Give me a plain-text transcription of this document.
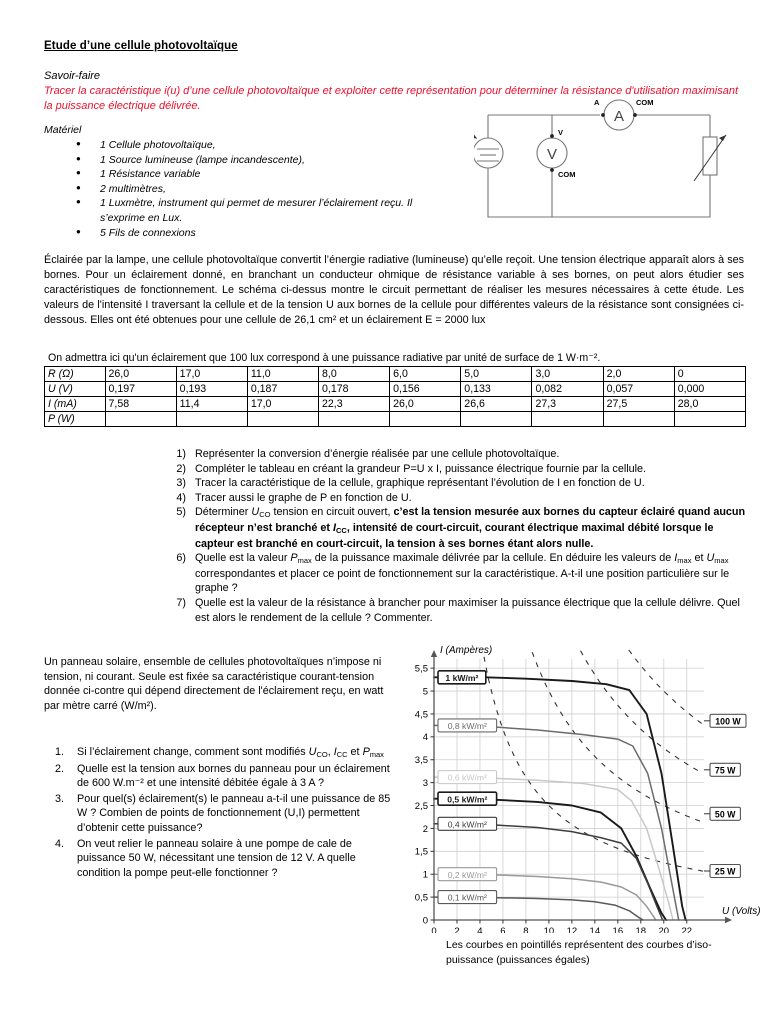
Etude d’une cellule photovoltaïque
Savoir-faire
Tracer la caractéristique i(u) d’une cellule photovoltaïque et exploiter cette représentation pour déterminer la résistance d'utilisation maximisant la puissance électrique délivrée.
Matériel
● 1 Cellule photovoltaïque,
● 1 Source lumineuse (lampe incandescente),
● 1 Résistance variable
● 2 multimètres,
● 1 Luxmètre, instrument qui permet de mesurer l’éclairement reçu. Il s’exprime en Lux.
● 5 Fils de connexions
V
V
COM
A
A	COM
Éclairée par la lampe, une cellule photovoltaïque convertit l’énergie radiative (lumineuse) qu’elle reçoit. Une tension électrique apparaît alors à ses bornes. Pour un éclairement donné, en branchant un conducteur ohmique de résistance variable à ses bornes, on peut alors étudier ses caractéristiques de fonctionnement. Le schéma ci-dessus montre le circuit permettant de réaliser les mesures nécessaires à cette étude. Les valeurs de l'intensité I traversant la cellule et de la tension U aux bornes de la cellule pour différentes valeurs de la résistance sont consignées ci-dessous. Elles ont été obtenues pour une cellule de 26,1 cm² et un éclairement E = 2000 lux
On admettra ici qu'un éclairement que 100 lux correspond à une puissance radiative par unité de surface de 1 W·m⁻².
R (Ω)	26,0	17,0	11,0	8,0	6,0	5,0	3,0	2,0	0
U (V)	0,197	0,193	0,187	0,178	0,156	0,133	0,082	0,057	0,000
I (mA)	7,58	11,4	17,0	22,3	26,0	26,6	27,3	27,5	28,0
P (W)									
1) Représenter la conversion d’énergie réalisée par une cellule photovoltaïque.
2) Compléter le tableau en créant la grandeur P=U x I, puissance électrique fournie par la cellule.
3) Tracer la caractéristique de la cellule, graphique représentant l’évolution de I en fonction de U.
4) Tracer aussi le graphe de P en fonction de U.
5) Déterminer $U_{CO}$ tension en circuit ouvert, c’est la tension mesurée aux bornes du capteur éclairé quand aucun récepteur n’est branché et $I_{CC}$, intensité de court-circuit, courant électrique maximal débité lorsque le capteur est branché en court-circuit, la tension à ses bornes étant alors nulle.
6) Quelle est la valeur $P_{max}$ de la puissance maximale délivrée par la cellule. En déduire les valeurs de $I_{max}$ et $U_{max}$ correspondantes et placer ce point de fonctionnement sur la caractéristique. A-t-il une position particulière sur le graphe ?
7) Quelle est la valeur de la résistance à brancher pour maximiser la puissance électrique que la cellule délivre. Quel est alors le rendement de la cellule ? Commenter.
Un panneau solaire, ensemble de cellules photovoltaïques n’impose ni tension, ni courant. Seule est fixée sa caractéristique courant-tension donnée ci-contre qui dépend directement de l'éclairement reçu, en watt par mètre carré (W/m²).
1. Si l’éclairement change, comment sont modifiés $U_{CO}$, $I_{CC}$ et $P_{max}$
2. Quelle est la tension aux bornes du panneau pour un éclairement de 600 W.m⁻² et une intensité débitée égale à 3 A ?
3. Pour quel(s) éclairement(s) le panneau a-t-il une puissance de 85 W ? Combien de points de fonctionnement (U,I) permettent d’obtenir cette puissance?
4. On veut relier le panneau solaire à une pompe de cale de puissance 50 W, nécessitant une tension de 12 V. A quelle condition la pompe peut-elle fonctionner ?
0 2 4 6 8 10 12 14 16 18 20 22
0
0,5
1
1,5
2
2,5
3
3,5
4
4,5
5
5,5
I (Ampères)
U (Volts)
1 kW/m²
0,8 kW/m²
0,6 kW/m²
0,5 kW/m²
0,4 kW/m²
0,2 kW/m²
0,1 kW/m²
100 W
75 W
50 W
25 W
Les courbes en pointillés représentent des courbes d’iso-puissance (puissances égales)
